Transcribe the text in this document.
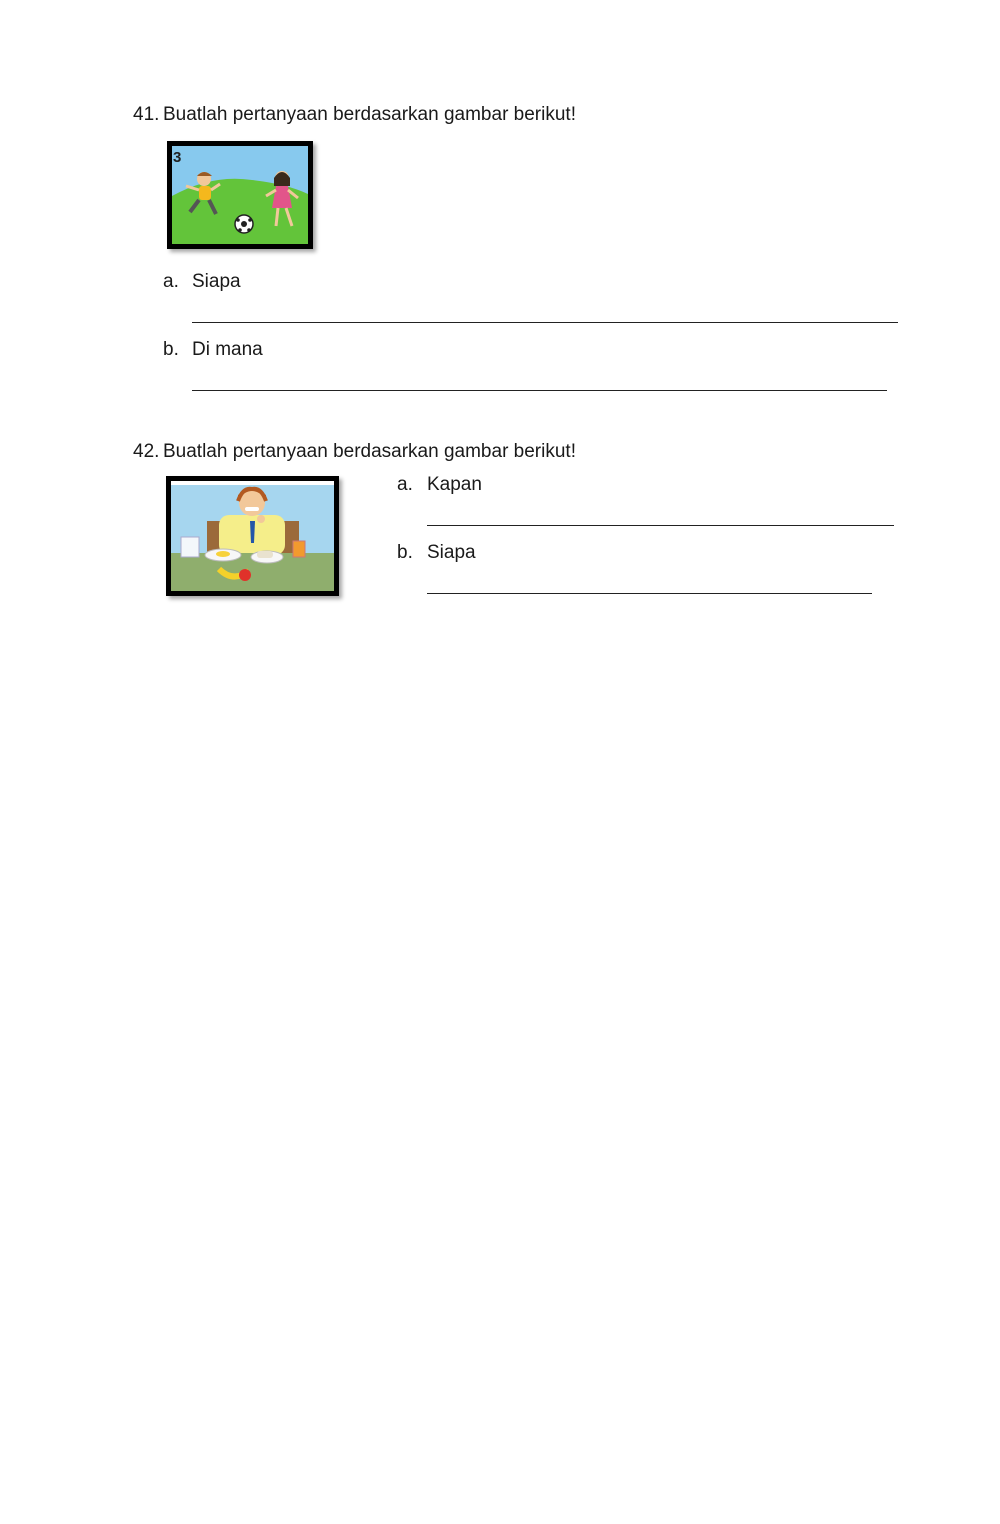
41. Buatlah pertanyaan berdasarkan gambar berikut!
3
a. Siapa
b. Di mana
42. Buatlah pertanyaan berdasarkan gambar berikut!
a. Kapan
b. Siapa
